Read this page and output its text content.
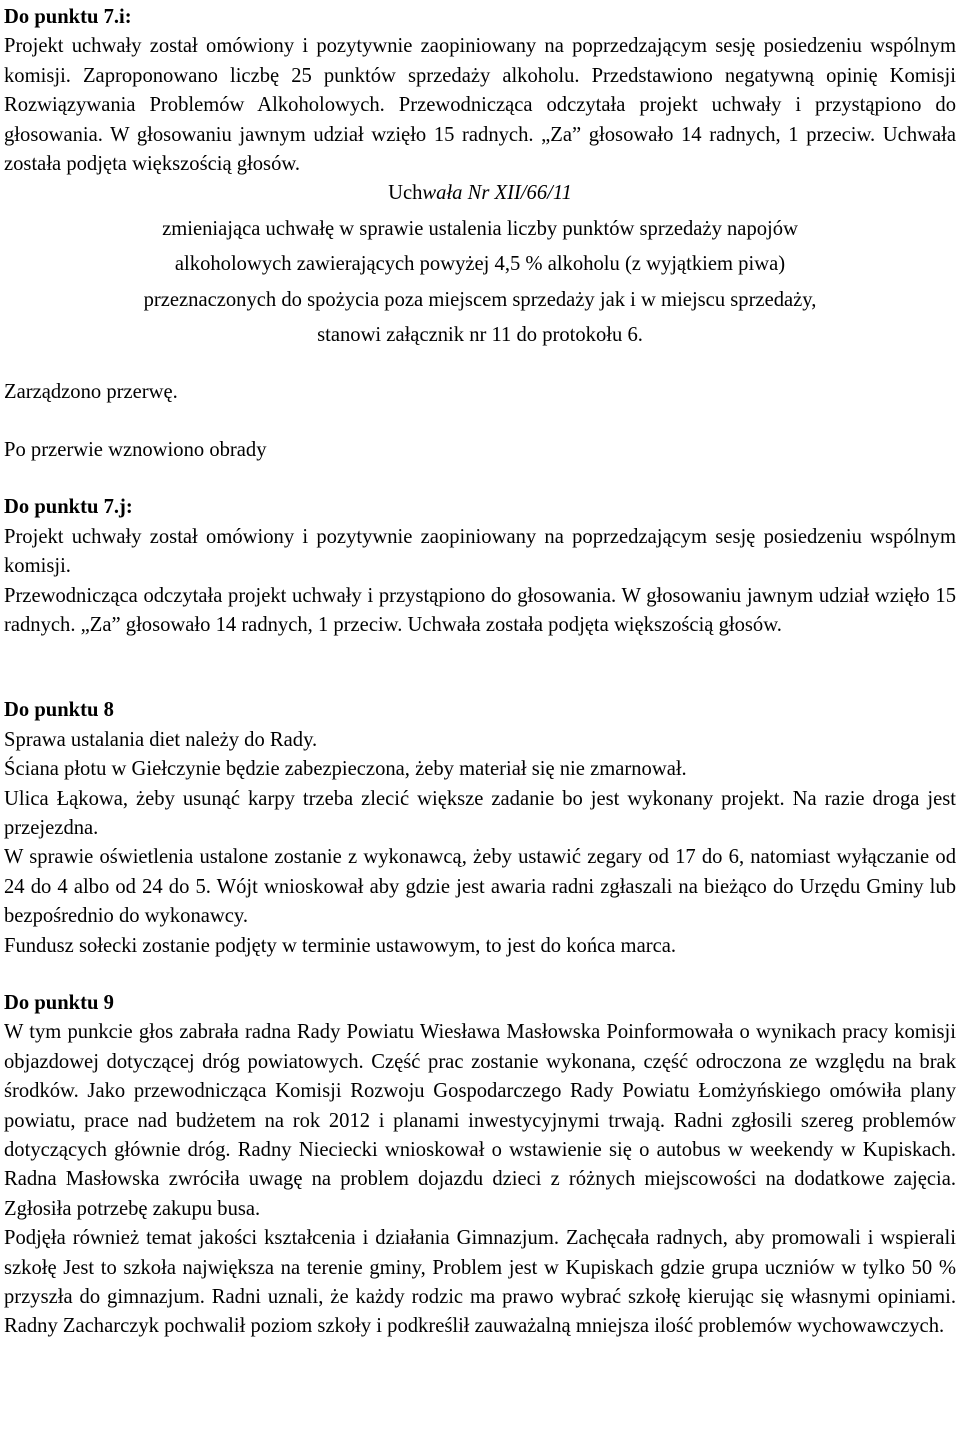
Do punktu 7.i:

Projekt uchwały został omówiony i pozytywnie zaopiniowany na poprzedzającym sesję posiedzeniu wspólnym komisji. Zaproponowano liczbę 25 punktów sprzedaży alkoholu. Przedstawiono negatywną opinię Komisji Rozwiązywania Problemów Alkoholowych. Przewodnicząca odczytała projekt uchwały i przystąpiono do głosowania. W głosowaniu jawnym udział wzięło 15 radnych. „Za” głosowało 14 radnych, 1 przeciw. Uchwała została podjęta większością głosów.

Uchwała Nr XII/66/11

zmieniająca uchwałę w sprawie ustalenia liczby punktów sprzedaży napojów

alkoholowych zawierających powyżej 4,5 % alkoholu (z wyjątkiem piwa)

przeznaczonych do spożycia poza miejscem sprzedaży jak i w miejscu sprzedaży,

stanowi załącznik nr 11 do protokołu 6.

Zarządzono przerwę.

Po przerwie wznowiono obrady

Do punktu 7.j:

Projekt uchwały został omówiony i pozytywnie zaopiniowany na poprzedzającym sesję posiedzeniu wspólnym komisji.

Przewodnicząca odczytała projekt uchwały i przystąpiono do głosowania. W głosowaniu jawnym udział wzięło 15 radnych. „Za” głosowało 14 radnych, 1 przeciw. Uchwała została podjęta większością głosów.

Do punktu 8

Sprawa ustalania diet należy do Rady.

Ściana płotu w Giełczynie będzie zabezpieczona, żeby materiał się nie zmarnował.

Ulica Łąkowa, żeby usunąć karpy trzeba zlecić większe zadanie bo jest wykonany projekt. Na razie droga jest przejezdna.

W sprawie oświetlenia ustalone zostanie z wykonawcą, żeby ustawić zegary od 17 do 6, natomiast wyłączanie od 24 do 4 albo od 24 do 5. Wójt wnioskował aby gdzie jest awaria radni zgłaszali na bieżąco do Urzędu Gminy lub bezpośrednio do wykonawcy.

Fundusz sołecki zostanie podjęty w terminie ustawowym, to jest do końca marca.

Do punktu 9

W tym punkcie głos zabrała radna Rady Powiatu Wiesława Masłowska Poinformowała o wynikach pracy komisji objazdowej dotyczącej dróg powiatowych. Część prac zostanie wykonana, część odroczona ze względu na brak środków. Jako przewodnicząca Komisji Rozwoju Gospodarczego Rady Powiatu Łomżyńskiego omówiła plany powiatu, prace nad budżetem na rok 2012 i planami inwestycyjnymi trwają. Radni zgłosili szereg problemów dotyczących głównie dróg. Radny Nieciecki wnioskował o wstawienie się o autobus w weekendy w Kupiskach. Radna Masłowska zwróciła uwagę na problem dojazdu dzieci z różnych miejscowości na dodatkowe zajęcia. Zgłosiła potrzebę zakupu busa.

Podjęła również temat jakości kształcenia i działania Gimnazjum. Zachęcała radnych, aby promowali i wspierali szkołę Jest to szkoła największa na terenie gminy, Problem jest w Kupiskach gdzie grupa uczniów w tylko 50 % przyszła do gimnazjum. Radni uznali, że każdy rodzic ma prawo wybrać szkołę kierując się własnymi opiniami. Radny Zacharczyk pochwalił poziom szkoły i podkreślił zauważalną mniejsza ilość problemów wychowawczych.
